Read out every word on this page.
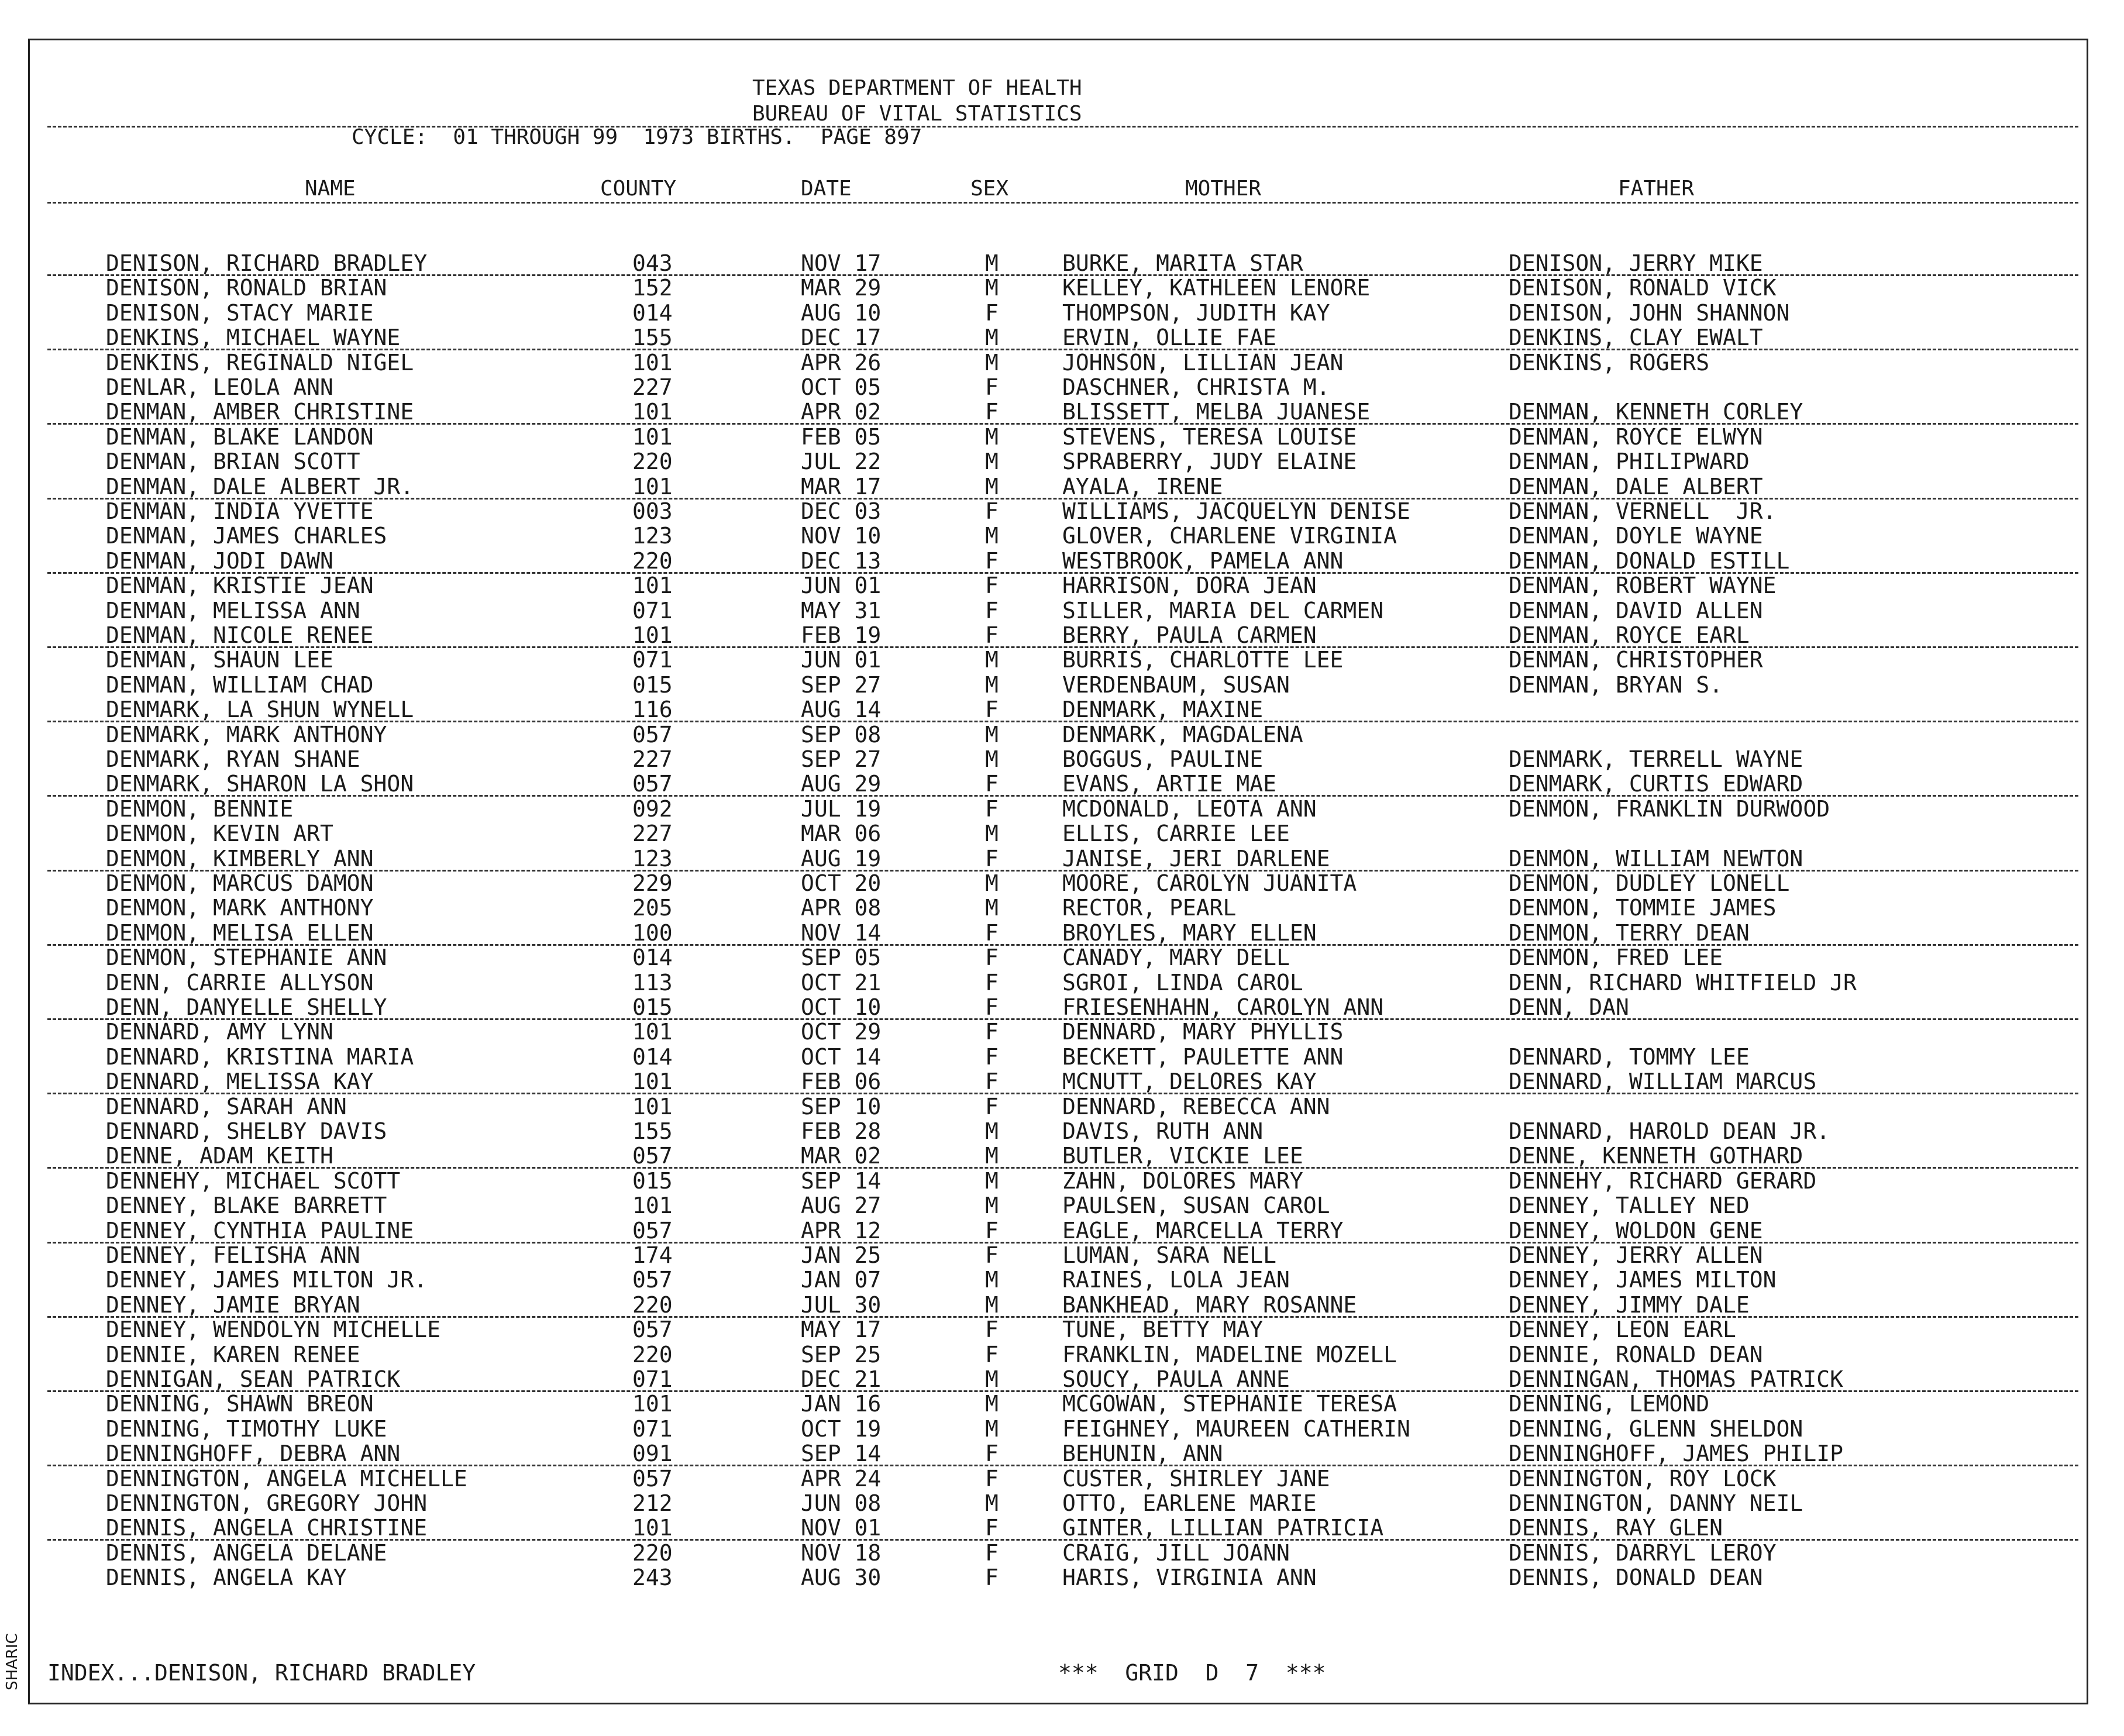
SHARIC
TEXAS DEPARTMENT OF HEALTH
BUREAU OF VITAL STATISTICS
CYCLE:  01 THROUGH 99  1973 BIRTHS.  PAGE 897
NAME	COUNTY	DATE	SEX	MOTHER	FATHER
DENISON, RICHARD BRADLEY	043	NOV 17	M	BURKE, MARITA STAR	DENISON, JERRY MIKE
DENISON, RONALD BRIAN	152	MAR 29	M	KELLEY, KATHLEEN LENORE	DENISON, RONALD VICK
DENISON, STACY MARIE	014	AUG 10	F	THOMPSON, JUDITH KAY	DENISON, JOHN SHANNON
DENKINS, MICHAEL WAYNE	155	DEC 17	M	ERVIN, OLLIE FAE	DENKINS, CLAY EWALT
DENKINS, REGINALD NIGEL	101	APR 26	M	JOHNSON, LILLIAN JEAN	DENKINS, ROGERS
DENLAR, LEOLA ANN	227	OCT 05	F	DASCHNER, CHRISTA M.
DENMAN, AMBER CHRISTINE	101	APR 02	F	BLISSETT, MELBA JUANESE	DENMAN, KENNETH CORLEY
DENMAN, BLAKE LANDON	101	FEB 05	M	STEVENS, TERESA LOUISE	DENMAN, ROYCE ELWYN
DENMAN, BRIAN SCOTT	220	JUL 22	M	SPRABERRY, JUDY ELAINE	DENMAN, PHILIPWARD
DENMAN, DALE ALBERT JR.	101	MAR 17	M	AYALA, IRENE	DENMAN, DALE ALBERT
DENMAN, INDIA YVETTE	003	DEC 03	F	WILLIAMS, JACQUELYN DENISE	DENMAN, VERNELL  JR.
DENMAN, JAMES CHARLES	123	NOV 10	M	GLOVER, CHARLENE VIRGINIA	DENMAN, DOYLE WAYNE
DENMAN, JODI DAWN	220	DEC 13	F	WESTBROOK, PAMELA ANN	DENMAN, DONALD ESTILL
DENMAN, KRISTIE JEAN	101	JUN 01	F	HARRISON, DORA JEAN	DENMAN, ROBERT WAYNE
DENMAN, MELISSA ANN	071	MAY 31	F	SILLER, MARIA DEL CARMEN	DENMAN, DAVID ALLEN
DENMAN, NICOLE RENEE	101	FEB 19	F	BERRY, PAULA CARMEN	DENMAN, ROYCE EARL
DENMAN, SHAUN LEE	071	JUN 01	M	BURRIS, CHARLOTTE LEE	DENMAN, CHRISTOPHER
DENMAN, WILLIAM CHAD	015	SEP 27	M	VERDENBAUM, SUSAN	DENMAN, BRYAN S.
DENMARK, LA SHUN WYNELL	116	AUG 14	F	DENMARK, MAXINE
DENMARK, MARK ANTHONY	057	SEP 08	M	DENMARK, MAGDALENA
DENMARK, RYAN SHANE	227	SEP 27	M	BOGGUS, PAULINE	DENMARK, TERRELL WAYNE
DENMARK, SHARON LA SHON	057	AUG 29	F	EVANS, ARTIE MAE	DENMARK, CURTIS EDWARD
DENMON, BENNIE	092	JUL 19	F	MCDONALD, LEOTA ANN	DENMON, FRANKLIN DURWOOD
DENMON, KEVIN ART	227	MAR 06	M	ELLIS, CARRIE LEE
DENMON, KIMBERLY ANN	123	AUG 19	F	JANISE, JERI DARLENE	DENMON, WILLIAM NEWTON
DENMON, MARCUS DAMON	229	OCT 20	M	MOORE, CAROLYN JUANITA	DENMON, DUDLEY LONELL
DENMON, MARK ANTHONY	205	APR 08	M	RECTOR, PEARL	DENMON, TOMMIE JAMES
DENMON, MELISA ELLEN	100	NOV 14	F	BROYLES, MARY ELLEN	DENMON, TERRY DEAN
DENMON, STEPHANIE ANN	014	SEP 05	F	CANADY, MARY DELL	DENMON, FRED LEE
DENN, CARRIE ALLYSON	113	OCT 21	F	SGROI, LINDA CAROL	DENN, RICHARD WHITFIELD JR
DENN, DANYELLE SHELLY	015	OCT 10	F	FRIESENHAHN, CAROLYN ANN	DENN, DAN
DENNARD, AMY LYNN	101	OCT 29	F	DENNARD, MARY PHYLLIS
DENNARD, KRISTINA MARIA	014	OCT 14	F	BECKETT, PAULETTE ANN	DENNARD, TOMMY LEE
DENNARD, MELISSA KAY	101	FEB 06	F	MCNUTT, DELORES KAY	DENNARD, WILLIAM MARCUS
DENNARD, SARAH ANN	101	SEP 10	F	DENNARD, REBECCA ANN
DENNARD, SHELBY DAVIS	155	FEB 28	M	DAVIS, RUTH ANN	DENNARD, HAROLD DEAN JR.
DENNE, ADAM KEITH	057	MAR 02	M	BUTLER, VICKIE LEE	DENNE, KENNETH GOTHARD
DENNEHY, MICHAEL SCOTT	015	SEP 14	M	ZAHN, DOLORES MARY	DENNEHY, RICHARD GERARD
DENNEY, BLAKE BARRETT	101	AUG 27	M	PAULSEN, SUSAN CAROL	DENNEY, TALLEY NED
DENNEY, CYNTHIA PAULINE	057	APR 12	F	EAGLE, MARCELLA TERRY	DENNEY, WOLDON GENE
DENNEY, FELISHA ANN	174	JAN 25	F	LUMAN, SARA NELL	DENNEY, JERRY ALLEN
DENNEY, JAMES MILTON JR.	057	JAN 07	M	RAINES, LOLA JEAN	DENNEY, JAMES MILTON
DENNEY, JAMIE BRYAN	220	JUL 30	M	BANKHEAD, MARY ROSANNE	DENNEY, JIMMY DALE
DENNEY, WENDOLYN MICHELLE	057	MAY 17	F	TUNE, BETTY MAY	DENNEY, LEON EARL
DENNIE, KAREN RENEE	220	SEP 25	F	FRANKLIN, MADELINE MOZELL	DENNIE, RONALD DEAN
DENNIGAN, SEAN PATRICK	071	DEC 21	M	SOUCY, PAULA ANNE	DENNINGAN, THOMAS PATRICK
DENNING, SHAWN BREON	101	JAN 16	M	MCGOWAN, STEPHANIE TERESA	DENNING, LEMOND
DENNING, TIMOTHY LUKE	071	OCT 19	M	FEIGHNEY, MAUREEN CATHERIN	DENNING, GLENN SHELDON
DENNINGHOFF, DEBRA ANN	091	SEP 14	F	BEHUNIN, ANN	DENNINGHOFF, JAMES PHILIP
DENNINGTON, ANGELA MICHELLE	057	APR 24	F	CUSTER, SHIRLEY JANE	DENNINGTON, ROY LOCK
DENNINGTON, GREGORY JOHN	212	JUN 08	M	OTTO, EARLENE MARIE	DENNINGTON, DANNY NEIL
DENNIS, ANGELA CHRISTINE	101	NOV 01	F	GINTER, LILLIAN PATRICIA	DENNIS, RAY GLEN
DENNIS, ANGELA DELANE	220	NOV 18	F	CRAIG, JILL JOANN	DENNIS, DARRYL LEROY
DENNIS, ANGELA KAY	243	AUG 30	F	HARIS, VIRGINIA ANN	DENNIS, DONALD DEAN
INDEX...DENISON, RICHARD BRADLEY	***  GRID  D  7  ***
